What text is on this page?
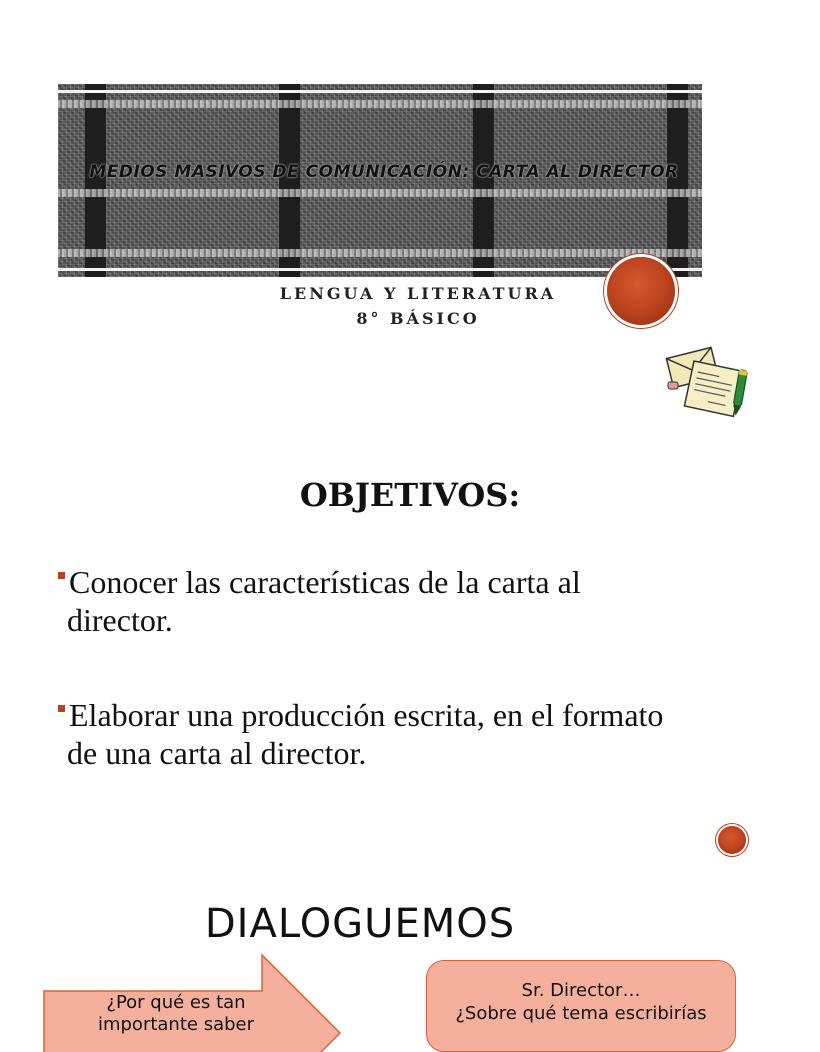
MEDIOS MASIVOS DE COMUNICACIÓN: CARTA AL DIRECTOR
LENGUA Y LITERATURA
8° BÁSICO
OBJETIVOS:
Conocer las características de la carta al
director.
Elaborar una producción escrita, en el formato
de una carta al director.
DIALOGUEMOS
¿Por qué es tan
importante saber
Sr. Director…
¿Sobre qué tema escribirías
